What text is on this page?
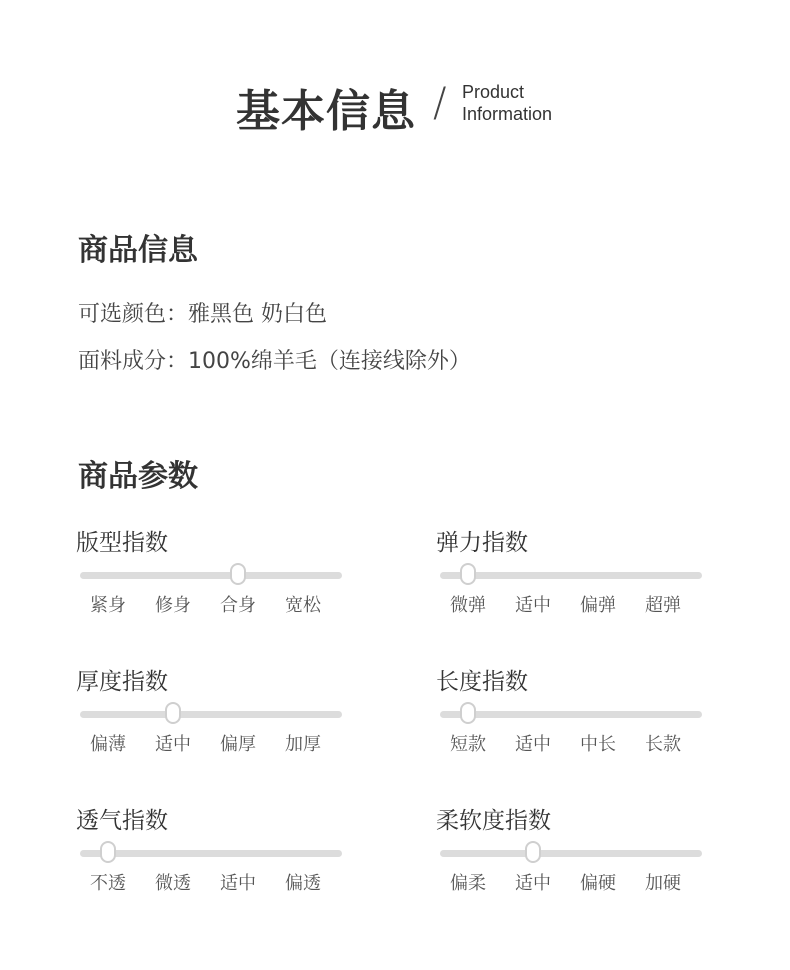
基本信息 / Product
Information
商品信息
可选颜色：雅黑色 奶白色
面料成分：100%绵羊毛（连接线除外）
商品参数
版型指数
紧身 修身 合身 宽松
弹力指数
微弹 适中 偏弹 超弹
厚度指数
偏薄 适中 偏厚 加厚
长度指数
短款 适中 中长 长款
透气指数
不透 微透 适中 偏透
柔软度指数
偏柔 适中 偏硬 加硬
